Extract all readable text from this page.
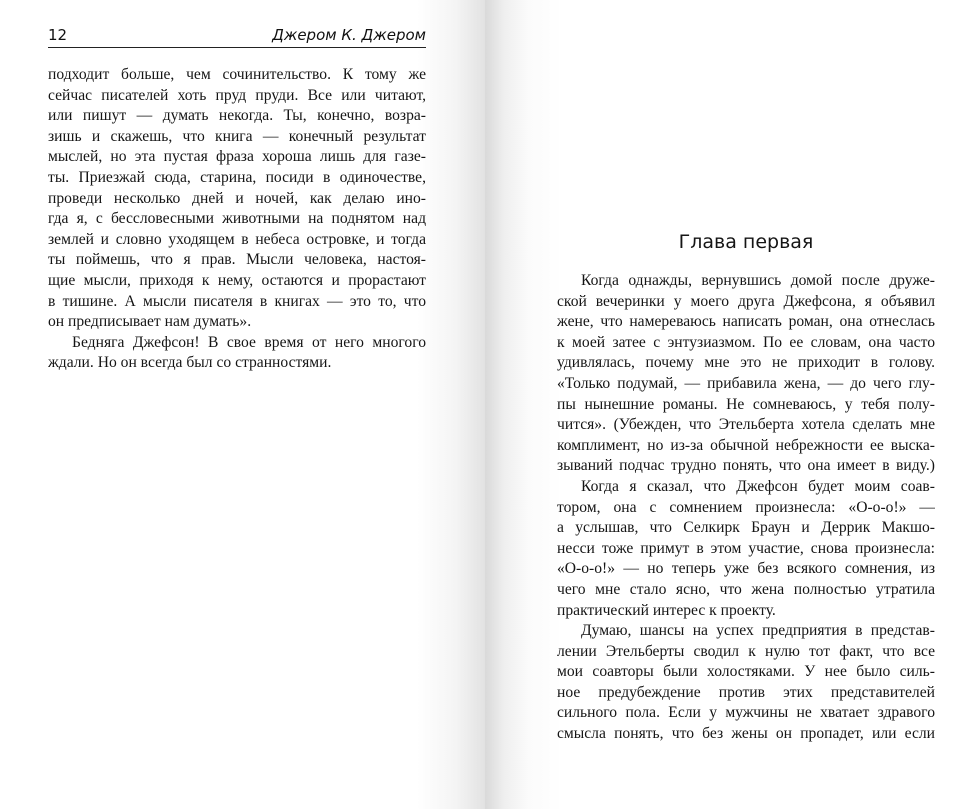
12	Джером К. Джером
подходит больше, чем сочинительство. К тому же
сейчас писателей хоть пруд пруди. Все или читают,
или пишут — думать некогда. Ты, конечно, возра-
зишь и скажешь, что книга — конечный результат
мыслей, но эта пустая фраза хороша лишь для газе-
ты. Приезжай сюда, старина, посиди в одиночестве,
проведи несколько дней и ночей, как делаю ино-
гда я, с бессловесными животными на поднятом над
землей и словно уходящем в небеса островке, и тогда
ты поймешь, что я прав. Мысли человека, настоя-
щие мысли, приходя к нему, остаются и прорастают
в тишине. А мысли писателя в книгах — это то, что
он предписывает нам думать».
Бедняга Джефсон! В свое время от него многого
ждали. Но он всегда был со странностями.
Глава первая
Когда однажды, вернувшись домой после друже-
ской вечеринки у моего друга Джефсона, я объявил
жене, что намереваюсь написать роман, она отнеслась
к моей затее с энтузиазмом. По ее словам, она часто
удивлялась, почему мне это не приходит в голову.
«Только подумай, — прибавила жена, — до чего глу-
пы нынешние романы. Не сомневаюсь, у тебя полу-
чится». (Убежден, что Этельберта хотела сделать мне
комплимент, но из-за обычной небрежности ее выска-
зываний подчас трудно понять, что она имеет в виду.)
Когда я сказал, что Джефсон будет моим соав-
тором, она с сомнением произнесла: «О-о-о!» —
а услышав, что Селкирк Браун и Деррик Макшо-
несси тоже примут в этом участие, снова произнесла:
«О-о-о!» — но теперь уже без всякого сомнения, из
чего мне стало ясно, что жена полностью утратила
практический интерес к проекту.
Думаю, шансы на успех предприятия в представ-
лении Этельберты сводил к нулю тот факт, что все
мои соавторы были холостяками. У нее было силь-
ное предубеждение против этих представителей
сильного пола. Если у мужчины не хватает здравого
смысла понять, что без жены он пропадет, или если
